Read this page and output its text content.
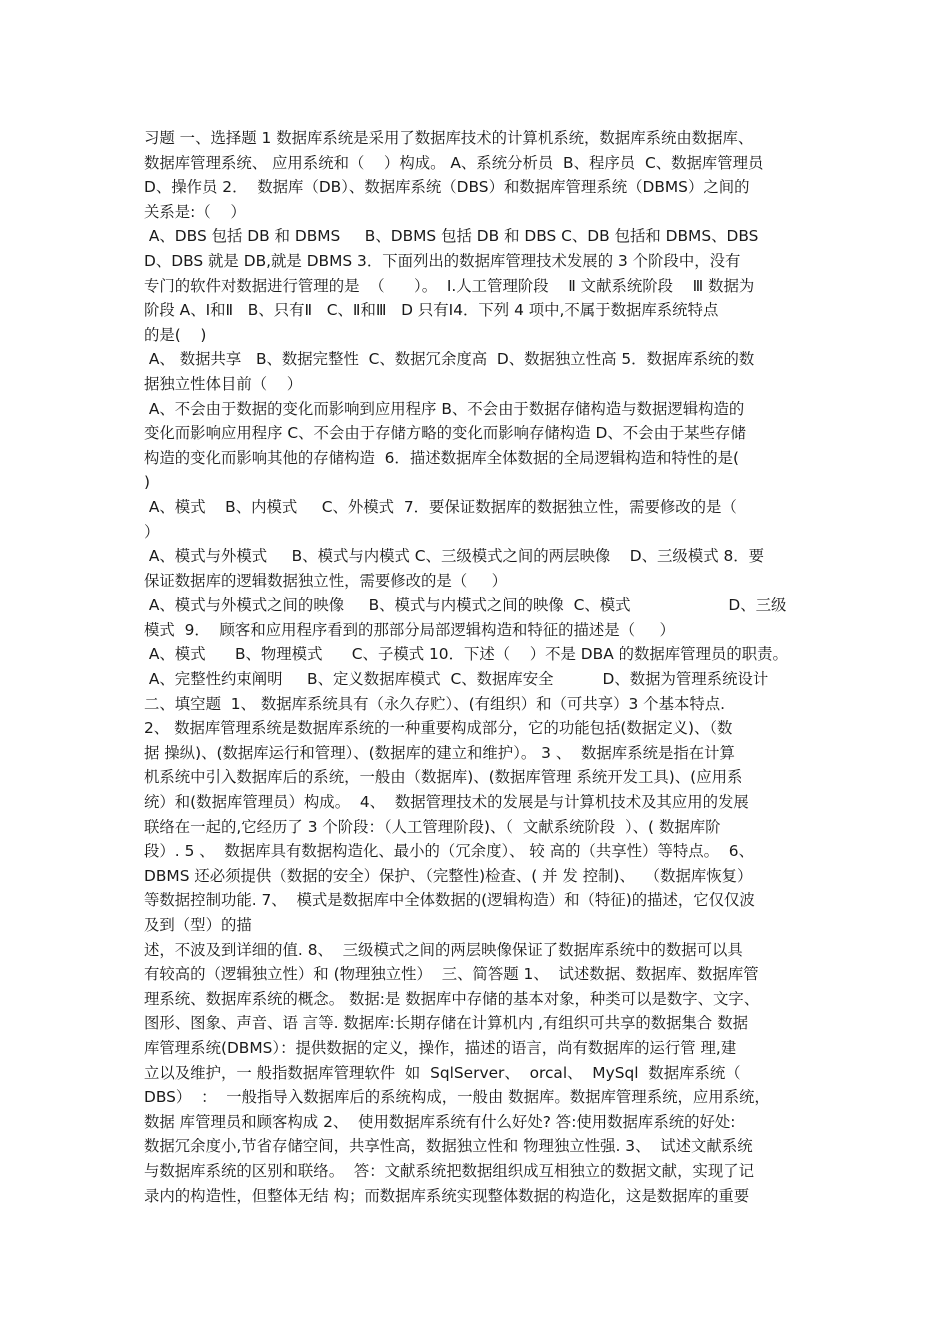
习题 一、选择题 1 数据库系统是采用了数据库技术的计算机系统，数据库系统由数据库、
数据库管理系统、 应用系统和（    ）构成。 A、系统分析员  B、程序员  C、数据库管理员
D、操作员 2．  数据库（DB）、数据库系统（DBS）和数据库管理系统（DBMS）之间的
关系是:（    ）
A、DBS 包括 DB 和 DBMS     B、DBMS 包括 DB 和 DBS C、DB 包括和 DBMS、DBS
D、DBS 就是 DB,就是 DBMS 3．下面列出的数据库管理技术发展的 3 个阶段中，没有
专门的软件对数据进行管理的是  （      ）。  Ⅰ.人工管理阶段    Ⅱ 文献系统阶段    Ⅲ 数据为
阶段 A、Ⅰ和Ⅱ   B、只有Ⅱ   C、Ⅱ和Ⅲ   D 只有Ⅰ4．下列 4 项中,不属于数据库系统特点
的是(    )
A、 数据共享   B、数据完整性  C、数据冗余度高  D、数据独立性高 5．数据库系统的数
据独立性体目前（    ）
A、不会由于数据的变化而影响到应用程序 B、不会由于数据存储构造与数据逻辑构造的
变化而影响应用程序 C、不会由于存储方略的变化而影响存储构造 D、不会由于某些存储
构造的变化而影响其他的存储构造  6．描述数据库全体数据的全局逻辑构造和特性的是(
)
A、模式    B、内模式     C、外模式  7．要保证数据库的数据独立性，需要修改的是（
）
A、模式与外模式     B、模式与内模式 C、三级模式之间的两层映像    D、三级模式 8．要
保证数据库的逻辑数据独立性，需要修改的是（     ）
A、模式与外模式之间的映像     B、模式与内模式之间的映像  C、模式                    D、三级
模式  9．  顾客和应用程序看到的那部分局部逻辑构造和特征的描述是（     ）
A、模式      B、物理模式      C、子模式 10．下述（    ）不是 DBA 的数据库管理员的职责。
A、完整性约束阐明     B、定义数据库模式  C、数据库安全          D、数据为管理系统设计
二、填空题  1、 数据库系统具有（永久存贮）、(有组织）和（可共享）3 个基本特点.
2、 数据库管理系统是数据库系统的一种重要构成部分，它的功能包括(数据定义)、（数
据 操纵)、(数据库运行和管理）、(数据库的建立和维护）。 3 、  数据库系统是指在计算
机系统中引入数据库后的系统，一般由（数据库)、(数据库管理 系统开发工具)、(应用系
统）和(数据库管理员）构成。  4、  数据管理技术的发展是与计算机技术及其应用的发展
联络在一起的,它经历了 3 个阶段：（人工管理阶段)、（  文献系统阶段  ）、( 数据库阶
段）. 5 、  数据库具有数据构造化、最小的（冗余度）、 较 高的（共享性）等特点。  6、
DBMS 还必须提供（数据的安全）保护、（完整性)检查、( 并 发 控制)、  （数据库恢复）
等数据控制功能. 7、  模式是数据库中全体数据的(逻辑构造）和（特征)的描述，它仅仅波
及到（型）的描
述，不波及到详细的值. 8、  三级模式之间的两层映像保证了数据库系统中的数据可以具
有较高的（逻辑独立性）和 (物理独立性）  三、简答题 1、  试述数据、数据库、数据库管
理系统、数据库系统的概念。 数据:是 数据库中存储的基本对象，种类可以是数字、文字、
图形、图象、声音、语 言等. 数据库:长期存储在计算机内 ,有组织可共享的数据集合 数据
库管理系统(DBMS）：提供数据的定义，操作，描述的语言，尚有数据库的运行管 理,建
立以及维护，一 般指数据库管理软件  如  SqlServer、  orcal、  MySql  数据库系统（
DBS）  ：  一般指导入数据库后的系统构成，一般由 数据库。数据库管理系统，应用系统，
数据 库管理员和顾客构成 2、  使用数据库系统有什么好处? 答:使用数据库系统的好处:
数据冗余度小,节省存储空间，共享性高，数据独立性和 物理独立性强. 3、  试述文献系统
与数据库系统的区别和联络。  答：文献系统把数据组织成互相独立的数据文献，实现了记
录内的构造性，但整体无结 构；而数据库系统实现整体数据的构造化，这是数据库的重要
